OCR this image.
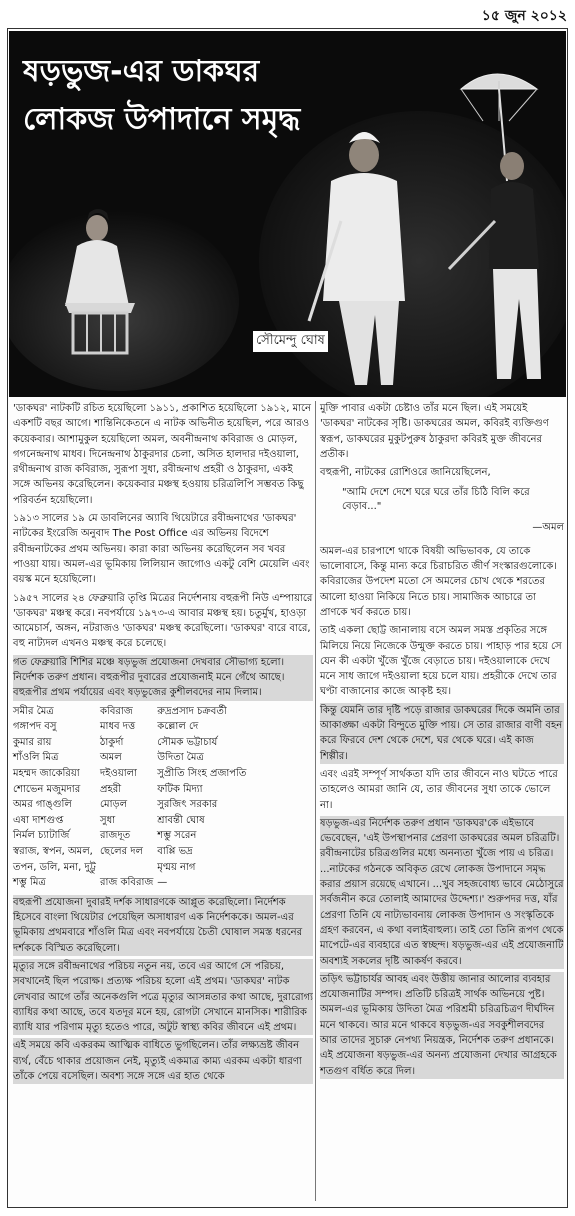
১৫ জুন ২০১২
ষড়ভুজ-এর ডাকঘর
লোকজ উপাদানে সমৃদ্ধ
সৌমেন্দু ঘোষ

'ডাকঘর' নাটকটি রচিত হয়েছিলো ১৯১১, প্রকাশিত হয়েছিলো ১৯১২, মানে একশটি বছর আগে। শান্তিনিকেতনে এ নাটক অভিনীত হয়েছিল, পরে আরও কয়েকবার। আশামুকুল হয়েছিলো অমল, অবনীন্দ্রনাথ কবিরাজ ও মোড়ল, গগনেন্দ্রনাথ মাধব। দিনেন্দ্রনাথ ঠাকুরদার চেলা, অসিত হালদার দইওয়ালা, রথীন্দ্রনাথ রাজ কবিরাজ, সুরূপা সুধা, রবীন্দ্রনাথ প্রহরী ও ঠাকুরদা, একই সঙ্গে অভিনয় করেছিলেন। কয়েকবার মঞ্চস্থ হওয়ায় চরিত্রলিপি সম্ভবত কিছু পরিবর্তন হয়েছিলো।

১৯১৩ সালের ১৯ মে ডাবলিনের অ্যাবি থিয়েটারে রবীন্দ্রনাথের 'ডাকঘর' নাটকের ইংরেজি অনুবাদ The Post Office এর অভিনয় বিদেশে রবীন্দ্রনাটকের প্রথম অভিনয়। কারা কারা অভিনয় করেছিলেন সব খবর পাওয়া যায়। অমল-এর ভূমিকায় লিলিয়ান জাগোও একটু বেশি মেয়েলি এবং বয়স্ক মনে হয়েছিলো।

১৯৫৭ সালের ২৪ ফেব্রুয়ারি তৃপ্তি মিত্রের নির্দেশনায় বহুরূপী নিউ এম্পায়ারে 'ডাকঘর' মঞ্চস্থ করে। নবপর্যায়ে ১৯৭৩-এ আবার মঞ্চস্থ হয়। চতুর্মুখ, হাওড়া আমেচার্স, অঙ্গন, নটরাজও 'ডাকঘর' মঞ্চস্থ করেছিলো। 'ডাকঘর' বারে বারে, বহু নাট্যদল এখনও মঞ্চস্থ করে চলেছে।

গত ফেব্রুয়ারি শিশির মঞ্চে ষড়ভুজ প্রযোজনা দেখবার সৌভাগ্য হলো। নির্দেশক তরুণ প্রধান। বহুরূপীর দুবারের প্রযোজনাই মনে গেঁথে আছে। বহুরূপীর প্রথম পর্যায়ের এবং ষড়ভুজের কুশীলবদের নাম দিলাম।

সমীর মৈত্র	কবিরাজ	রুদ্রপ্রসাদ চক্রবর্তী
গঙ্গাপদ বসু	মাধব দত্ত	কল্লোল দে
কুমার রায়	ঠাকুর্দা	সৌমক ভট্টাচার্য
শাঁওলি মিত্র	অমল	উদিতা মৈত্র
মহম্মদ জাকেরিয়া	দইওয়ালা	সুপ্রীতি সিংহ প্রজাপতি
শোভেন মজুমদার	প্রহরী	ফটিক মিদ্যা
অমর গাঙ্গুলি	মোড়ল	সুরজিৎ সরকার
এষা দাশগুপ্ত	সুধা	শ্রাবন্তী ঘোষ
নির্মল চ্যাটার্জি	রাজদূত	শম্ভু সরেন
স্বরাজ, স্বপন, অমল,	ছেলের দল	বাপ্পি ভদ্র
তপন, ডলি, মনা, দুট্টু		মৃণ্ময় নাগ
শম্ভু মিত্র	রাজ কবিরাজ	—

বহুরূপী প্রযোজনা দুবারই দর্শক সাধারণকে আপ্লুত করেছিলো। নির্দেশক হিসেবে বাংলা থিয়েটার পেয়েছিল অসাধারণ এক নির্দেশককে। অমল-এর ভূমিকায় প্রথমবারে শাঁওলি মিত্র এবং নবপর্যায়ে চৈতী ঘোষাল সমস্ত ধরনের দর্শককে বিস্মিত করেছিলো।

মৃত্যুর সঙ্গে রবীন্দ্রনাথের পরিচয় নতুন নয়, তবে এর আগে সে পরিচয়, সবখানেই ছিল পরোক্ষ। প্রত্যক্ষ পরিচয় হলো এই প্রথম। 'ডাকঘর' নাটক লেখবার আগে তাঁর অনেকগুলি পত্রে মৃত্যুর আসন্নতার কথা আছে, দুরারোগ্য ব্যাধির কথা আছে, তবে যতদূর মনে হয়, রোগটা সেখানে মানসিক। শারীরিক ব্যাধি যার পরিণাম মৃত্যু হতেও পারে, অটুট স্বাস্থ্য কবির জীবনে এই প্রথম।

এই সময়ে কবি একরকম আত্মিক বাধিতে ভুগছিলেন। তাঁর লক্ষ্যভ্রষ্ট জীবন ব্যর্থ, বেঁচে থাকার প্রয়োজন নেই, মৃত্যুই একমাত্র কাম্য এরকম একটা ধারণা তাঁকে পেয়ে বসেছিল। অবশ্য সঙ্গে সঙ্গে এর হাত থেকে

মুক্তি পাবার একটা চেষ্টাও তাঁর মনে ছিল। এই সময়েই 'ডাকঘর' নাটকের সৃষ্টি। ডাকঘরের অমল, কবিরই ব্যক্তিগুণ স্বরূপ, ডাকঘরের মুকুটপুরুষ ঠাকুরদা কবিরই মুক্ত জীবনের প্রতীক।

বহুরূপী, নাটকের রোশিওরে জানিয়েছিলেন,

"আমি দেশে দেশে ঘরে ঘরে তাঁর চিঠি বিলি করে বেড়াব..."
—অমল

অমল-এর চারপাশে থাকে বিষয়ী অভিভাবক, যে তাকে ভালোবাসে, কিন্তু মান্য করে চিরাচরিত জীর্ণ সংস্কারগুলোকে। কবিরাজের উপদেশ মতো সে অমলের চোখ থেকে শরতের আলো হাওয়া নিকিয়ে নিতে চায়। সামাজিক আচারে তা প্রাণকে খর্ব করতে চায়।

তাই একলা ছোট্ট জানালায় বসে অমল সমস্ত প্রকৃতির সঙ্গে মিলিয়ে নিয়ে নিজেকে উন্মুক্ত করতে চায়। পাহাড় পার হয়ে সে যেন কী একটা খুঁজে খুঁজে বেড়াতে চায়। দইওয়ালাকে দেখে মনে সাধ জাগে দইওয়ালা হয়ে চলে যায়। প্রহরীকে দেখে তার ঘণ্টা বাজানোর কাজে আকৃষ্ট হয়।

কিন্তু যেমনি তার দৃষ্টি পড়ে রাজার ডাকঘরের দিকে অমনি তার আকাঙ্ক্ষা একটা বিন্দুতে মুক্তি পায়। সে তার রাজার বাণী বহন করে ফিরবে দেশ থেকে দেশে, ঘর থেকে ঘরে। এই কাজ শিল্পীর।

এবং এরই সম্পূর্ণ সার্থকতা যদি তার জীবনে নাও ঘটতে পারে তাহলেও আমরা জানি যে, তার জীবনের সুধা তাকে ভোলে না।

ষড়ভুজ-এর নির্দেশক তরুণ প্রধান 'ডাকঘর'কে এইভাবে ভেবেছেন, 'এই উপস্থাপনার প্রেরণা ডাকঘরের অমল চরিত্রটি। রবীন্দ্রনাটের চরিত্রগুলির মধ্যে অনন্যতা খুঁজে পায় এ চরিত্র। ...নাটকের গঠনকে অবিকৃত রেখে লোকজ উপাদানে সমৃদ্ধ করার প্রয়াস রয়েছে এখানে। ...খুব সহজবোধ্য ভাবে মেঠোসুরে সর্বজনীন করে তোলাই আমাদের উদ্দেশ্য।' শুরুপদর দত্ত, যাঁর প্রেরণা তিনি যে নাট্যভাবনায় লোকজ উপাদান ও সংস্কৃতিকে গ্রহণ করবেন, এ কথা বলাইবাহুল্য। তাই তো তিনি রূপণ থেকে মাপেটে-এর ব্যবহারে এত স্বচ্ছন্দ। ষড়ভুজ-এর এই প্রযোজনাটি অবশ্যই সকলের দৃষ্টি আকর্ষণ করবে।

তড়িৎ ভট্টাচার্যর আবহ এবং উত্তীয় জানার আলোর ব্যবহার প্রযোজনাটির সম্পদ। প্রতিটি চরিত্রই সার্থক অভিনয়ে পুষ্ট। অমল-এর ভূমিকায় উদিতা মৈত্র পরিশ্রমী চরিত্রচিত্রণ দীর্ঘদিন মনে থাকবে। আর মনে থাকবে ষড়ভুজ-এর সবকুশীলবদের আর তাদের সুচারু নেপথ্য নিয়ন্ত্রক, নির্দেশক তরুণ প্রধানকে। এই প্রযোজনা ষড়ভুজ-এর অনন্য প্রযোজনা দেখার আগ্রহকে শতগুণ বর্ধিত করে দিল।
